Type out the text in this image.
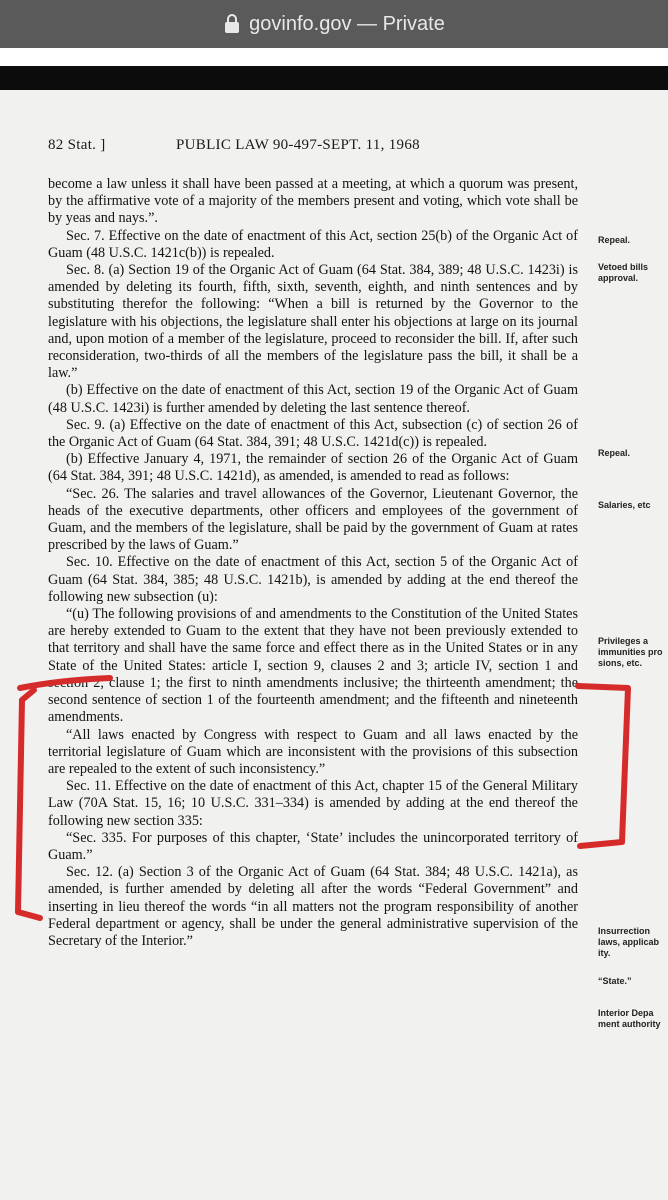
govinfo.gov — Private
82 Stat. ]	PUBLIC LAW 90-497-SEPT. 11, 1968

become a law unless it shall have been passed at a meeting, at which a quorum was present, by the affirmative vote of a majority of the members present and voting, which vote shall be by yeas and nays.”.

Sec. 7. Effective on the date of enactment of this Act, section 25(b) of the Organic Act of Guam (48 U.S.C. 1421c(b)) is repealed.

Sec. 8. (a) Section 19 of the Organic Act of Guam (64 Stat. 384, 389; 48 U.S.C. 1423i) is amended by deleting its fourth, fifth, sixth, seventh, eighth, and ninth sentences and by substituting therefor the following: “When a bill is returned by the Governor to the legislature with his objections, the legislature shall enter his objections at large on its journal and, upon motion of a member of the legislature, proceed to reconsider the bill. If, after such reconsideration, two-thirds of all the members of the legislature pass the bill, it shall be a law.”

(b) Effective on the date of enactment of this Act, section 19 of the Organic Act of Guam (48 U.S.C. 1423i) is further amended by deleting the last sentence thereof.

Sec. 9. (a) Effective on the date of enactment of this Act, subsection (c) of section 26 of the Organic Act of Guam (64 Stat. 384, 391; 48 U.S.C. 1421d(c)) is repealed.

(b) Effective January 4, 1971, the remainder of section 26 of the Organic Act of Guam (64 Stat. 384, 391; 48 U.S.C. 1421d), as amended, is amended to read as follows:

“Sec. 26. The salaries and travel allowances of the Governor, Lieutenant Governor, the heads of the executive departments, other officers and employees of the government of Guam, and the members of the legislature, shall be paid by the government of Guam at rates prescribed by the laws of Guam.”

Sec. 10. Effective on the date of enactment of this Act, section 5 of the Organic Act of Guam (64 Stat. 384, 385; 48 U.S.C. 1421b), is amended by adding at the end thereof the following new subsection (u):

“(u) The following provisions of and amendments to the Constitution of the United States are hereby extended to Guam to the extent that they have not been previously extended to that territory and shall have the same force and effect there as in the United States or in any State of the United States: article I, section 9, clauses 2 and 3; article IV, section 1 and section 2, clause 1; the first to ninth amendments inclusive; the thirteenth amendment; the second sentence of section 1 of the fourteenth amendment; and the fifteenth and nineteenth amendments.

“All laws enacted by Congress with respect to Guam and all laws enacted by the territorial legislature of Guam which are inconsistent with the provisions of this subsection are repealed to the extent of such inconsistency.”

Sec. 11. Effective on the date of enactment of this Act, chapter 15 of the General Military Law (70A Stat. 15, 16; 10 U.S.C. 331–334) is amended by adding at the end thereof the following new section 335:

“Sec. 335. For purposes of this chapter, ‘State’ includes the unincorporated territory of Guam.”

Sec. 12. (a) Section 3 of the Organic Act of Guam (64 Stat. 384; 48 U.S.C. 1421a), as amended, is further amended by deleting all after the words “Federal Government” and inserting in lieu thereof the words “in all matters not the program responsibility of another Federal department or agency, shall be under the general administrative supervision of the Secretary of the Interior.”

Repeal.
Vetoed bills
approval.
Repeal.
Salaries, etc
Privileges a
immunities pro
sions, etc.
Insurrection
laws, applicab
ity.
“State.”
Interior Depa
ment authority
